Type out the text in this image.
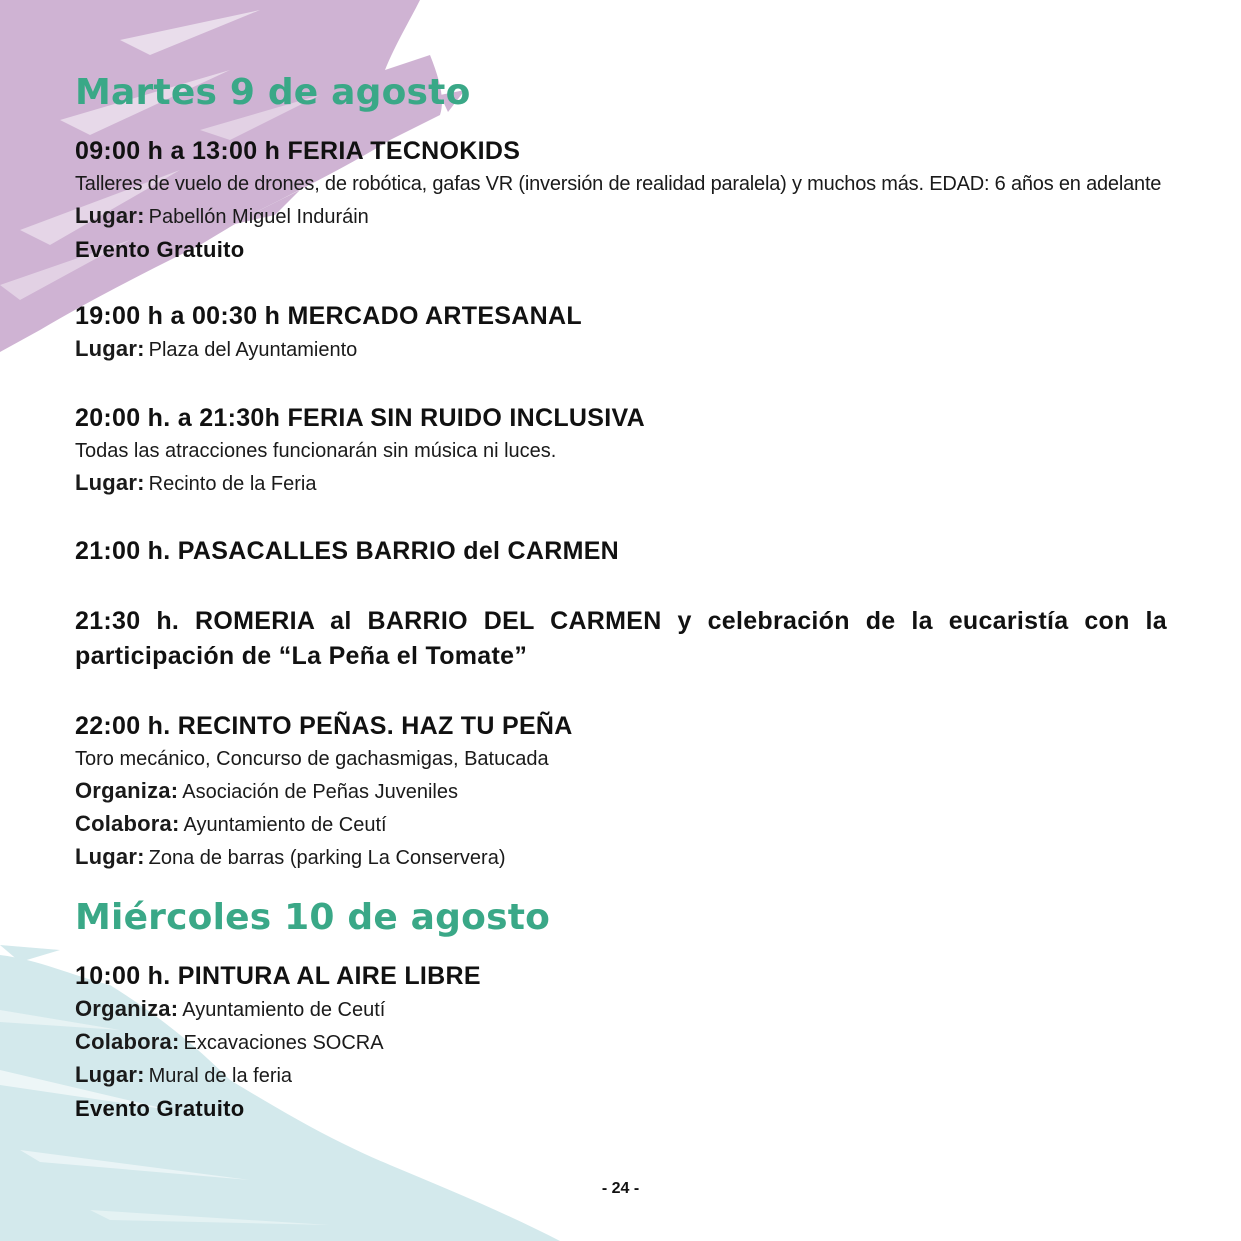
Martes 9 de agosto
09:00 h a 13:00 h FERIA TECNOKIDS
Talleres de vuelo de drones, de robótica, gafas VR (inversión de realidad paralela) y muchos más. EDAD: 6 años en adelante
Lugar: Pabellón Miguel Induráin
Evento Gratuito
19:00 h a 00:30 h MERCADO ARTESANAL
Lugar: Plaza del Ayuntamiento
20:00 h. a 21:30h FERIA SIN RUIDO INCLUSIVA
Todas las atracciones funcionarán sin música ni luces.
Lugar: Recinto de la Feria
21:00 h. PASACALLES BARRIO del CARMEN
21:30 h. ROMERIA al BARRIO DEL CARMEN y celebración de la eucaristía con la participación de “La Peña el Tomate”
22:00 h. RECINTO PEÑAS. HAZ TU PEÑA
Toro mecánico, Concurso de gachasmigas, Batucada
Organiza: Asociación de Peñas Juveniles
Colabora: Ayuntamiento de Ceutí
Lugar: Zona de barras (parking La Conservera)
Miércoles 10 de agosto
10:00 h. PINTURA AL AIRE LIBRE
Organiza: Ayuntamiento de Ceutí
Colabora: Excavaciones SOCRA
Lugar: Mural de la feria
Evento Gratuito
- 24 -
